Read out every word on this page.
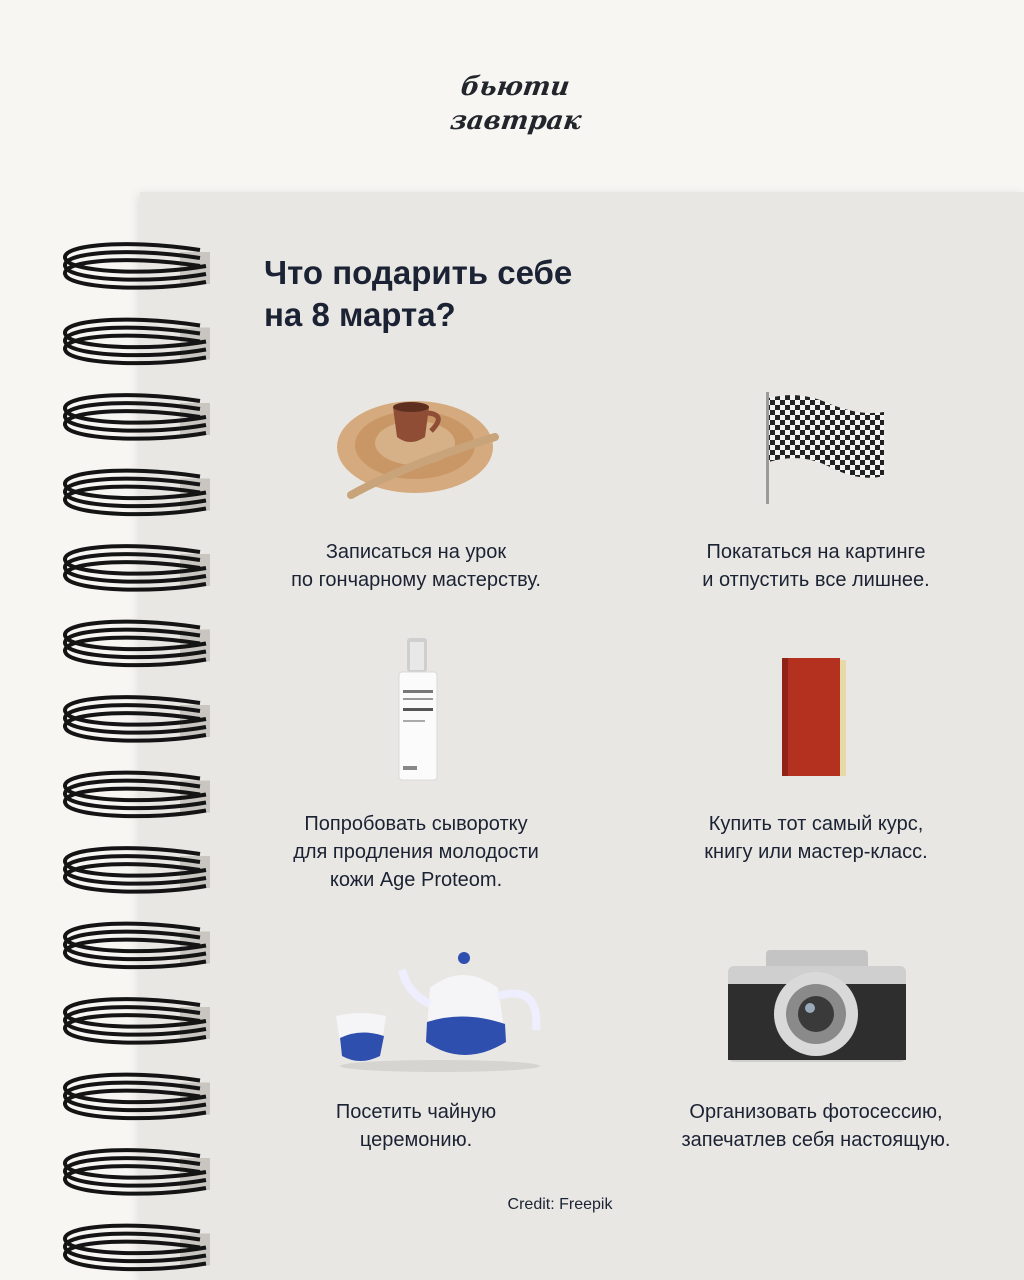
бьюти
завтрак
Что подарить себе
на 8 марта?
Записаться на урок
по гончарному мастерству.
Покататься на картинге
и отпустить все лишнее.
Попробовать сыворотку
для продления молодости
кожи Age Proteom.
Купить тот самый курс,
книгу или мастер-класс.
Посетить чайную
церемонию.
Организовать фотосессию,
запечатлев себя настоящую.
Credit: Freepik
